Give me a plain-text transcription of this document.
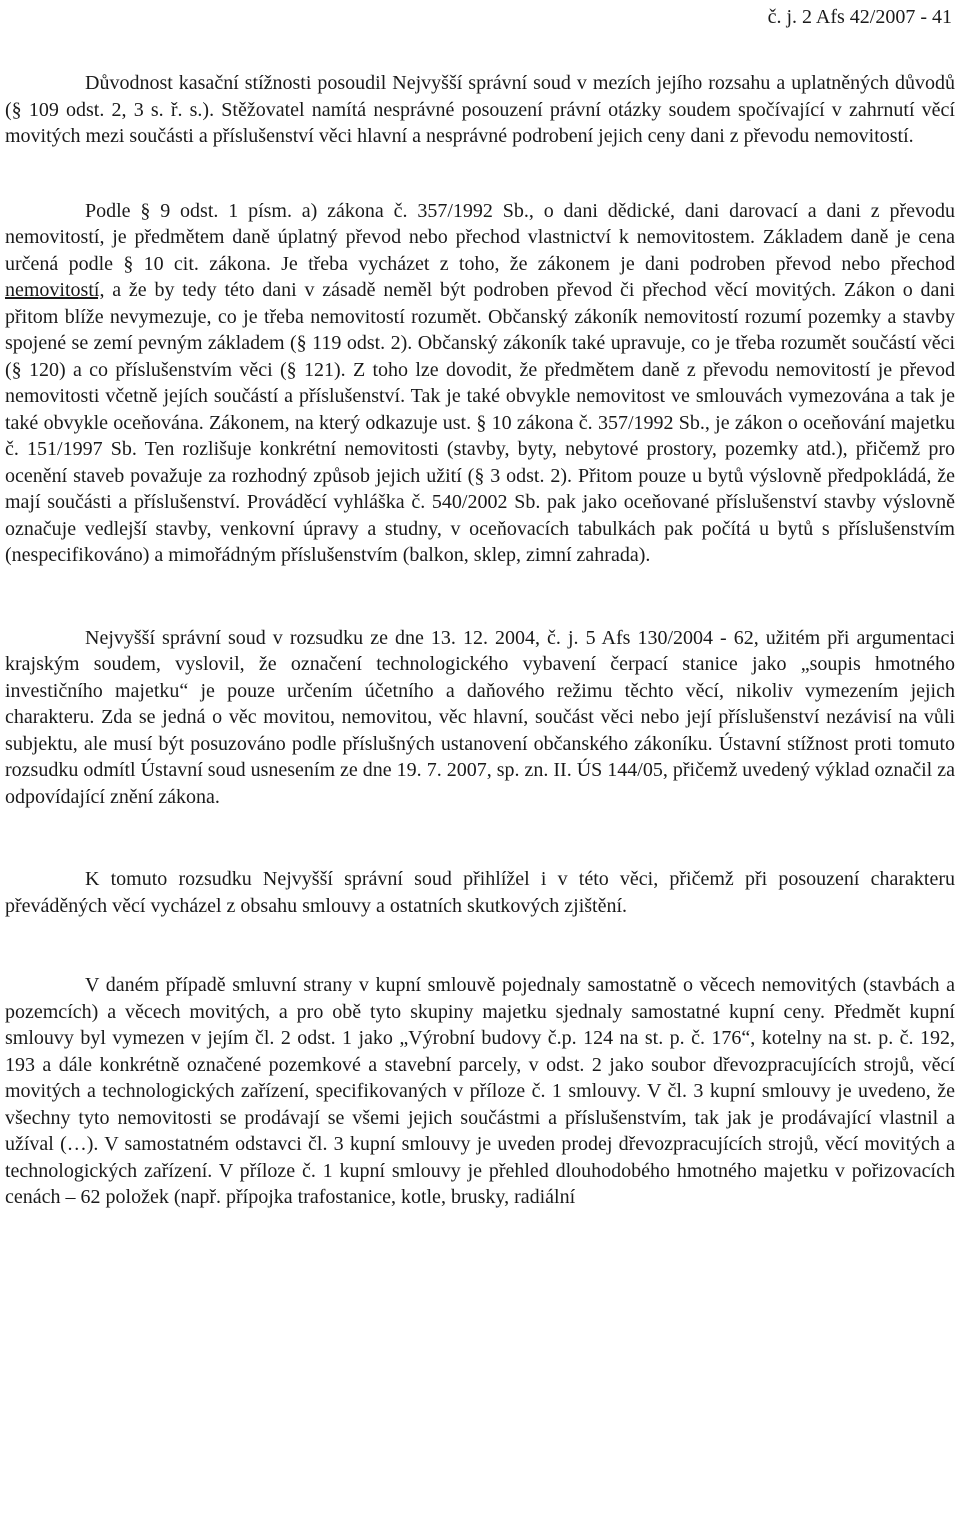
č. j. 2 Afs 42/2007 - 41

Důvodnost kasační stížnosti posoudil Nejvyšší správní soud v mezích jejího rozsahu a uplatněných důvodů (§ 109 odst. 2, 3 s. ř. s.). Stěžovatel namítá nesprávné posouzení právní otázky soudem spočívající v zahrnutí věcí movitých mezi součásti a příslušenství věci hlavní a nesprávné podrobení jejich ceny dani z převodu nemovitostí.

Podle § 9 odst. 1 písm. a) zákona č. 357/1992 Sb., o dani dědické, dani darovací a dani z převodu nemovitostí, je předmětem daně úplatný převod nebo přechod vlastnictví k nemovitostem. Základem daně je cena určená podle § 10 cit. zákona. Je třeba vycházet z toho, že zákonem je dani podroben převod nebo přechod nemovitostí, a že by tedy této dani v zásadě neměl být podroben převod či přechod věcí movitých. Zákon o dani přitom blíže nevymezuje, co je třeba nemovitostí rozumět. Občanský zákoník nemovitostí rozumí pozemky a stavby spojené se zemí pevným základem (§ 119 odst. 2). Občanský zákoník také upravuje, co je třeba rozumět součástí věci (§ 120) a co příslušenstvím věci (§ 121). Z toho lze dovodit, že předmětem daně z převodu nemovitostí je převod nemovitosti včetně jejích součástí a příslušenství. Tak je také obvykle nemovitost ve smlouvách vymezována a tak je také obvykle oceňována. Zákonem, na který odkazuje ust. § 10 zákona č. 357/1992 Sb., je zákon o oceňování majetku č. 151/1997 Sb. Ten rozlišuje konkrétní nemovitosti (stavby, byty, nebytové prostory, pozemky atd.), přičemž pro ocenění staveb považuje za rozhodný způsob jejich užití (§ 3 odst. 2). Přitom pouze u bytů výslovně předpokládá, že mají součásti a příslušenství. Prováděcí vyhláška č. 540/2002 Sb. pak jako oceňované příslušenství stavby výslovně označuje vedlejší stavby, venkovní úpravy a studny, v oceňovacích tabulkách pak počítá u bytů s příslušenstvím (nespecifikováno) a mimořádným příslušenstvím (balkon, sklep, zimní zahrada).

Nejvyšší správní soud v rozsudku ze dne 13. 12. 2004, č. j. 5 Afs 130/2004 - 62, užitém při argumentaci krajským soudem, vyslovil, že označení technologického vybavení čerpací stanice jako „soupis hmotného investičního majetku“ je pouze určením účetního a daňového režimu těchto věcí, nikoliv vymezením jejich charakteru. Zda se jedná o věc movitou, nemovitou, věc hlavní, součást věci nebo její příslušenství nezávisí na vůli subjektu, ale musí být posuzováno podle příslušných ustanovení občanského zákoníku. Ústavní stížnost proti tomuto rozsudku odmítl Ústavní soud usnesením ze dne 19. 7. 2007, sp. zn. II. ÚS 144/05, přičemž uvedený výklad označil za odpovídající znění zákona.

K tomuto rozsudku Nejvyšší správní soud přihlížel i v této věci, přičemž při posouzení charakteru převáděných věcí vycházel z obsahu smlouvy a ostatních skutkových zjištění.

V daném případě smluvní strany v kupní smlouvě pojednaly samostatně o věcech nemovitých (stavbách a pozemcích) a věcech movitých, a pro obě tyto skupiny majetku sjednaly samostatné kupní ceny. Předmět kupní smlouvy byl vymezen v jejím čl. 2 odst. 1 jako „Výrobní budovy č.p. 124 na st. p. č. 176“, kotelny na st. p. č. 192, 193 a dále konkrétně označené pozemkové a stavební parcely, v odst. 2 jako soubor dřevozpracujících strojů, věcí movitých a technologických zařízení, specifikovaných v příloze č. 1 smlouvy. V čl. 3 kupní smlouvy je uvedeno, že všechny tyto nemovitosti se prodávají se všemi jejich součástmi a příslušenstvím, tak jak je prodávající vlastnil a užíval (…). V samostatném odstavci čl. 3 kupní smlouvy je uveden prodej dřevozpracujících strojů, věcí movitých a technologických zařízení. V příloze č. 1 kupní smlouvy je přehled dlouhodobého hmotného majetku v pořizovacích cenách – 62 položek (např. přípojka trafostanice, kotle, brusky, radiální
